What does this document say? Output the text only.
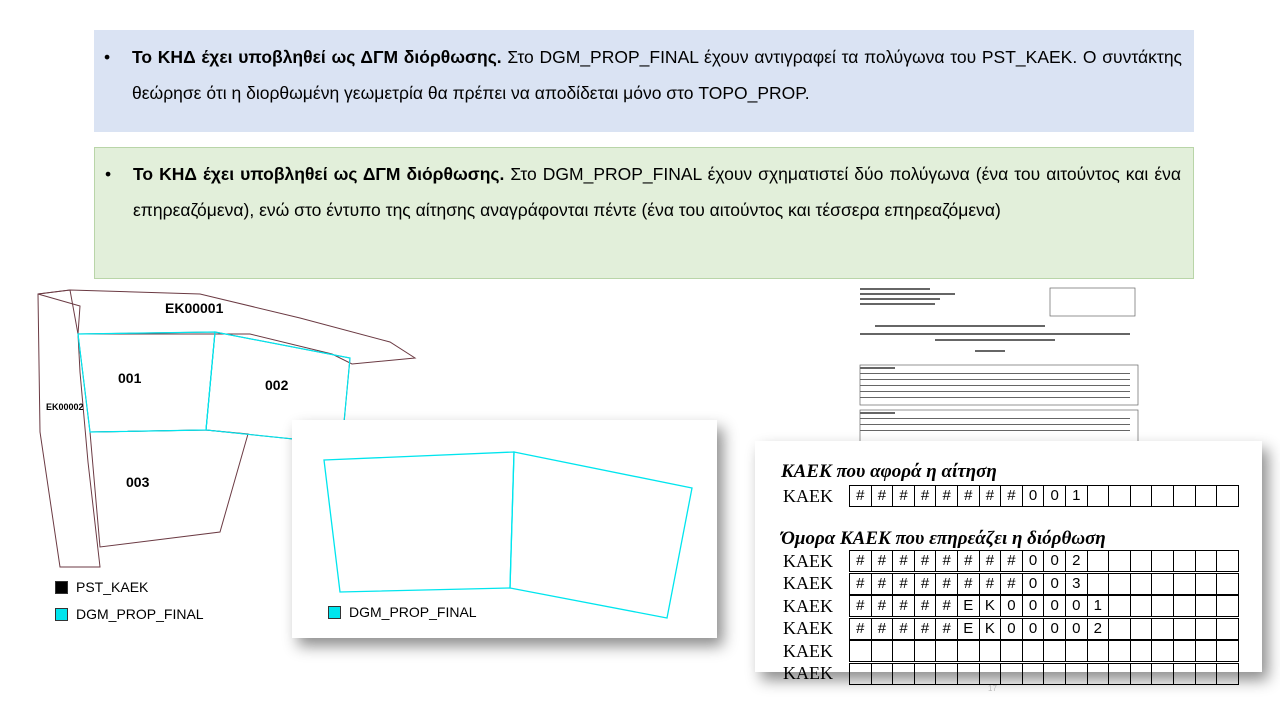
• Το ΚΗΔ έχει υποβληθεί ως ΔΓΜ διόρθωσης. Στο DGM_PROP_FINAL έχουν αντιγραφεί τα πολύγωνα του PST_KAEK. Ο συντάκτης θεώρησε ότι η διορθωμένη γεωμετρία θα πρέπει να αποδίδεται μόνο στο TOPO_PROP.
• Το ΚΗΔ έχει υποβληθεί ως ΔΓΜ διόρθωσης. Στο DGM_PROP_FINAL έχουν σχηματιστεί δύο πολύγωνα (ένα του αιτούντος και ένα επηρεαζόμενα), ενώ στο έντυπο της αίτησης αναγράφονται πέντε (ένα του αιτούντος και τέσσερα επηρεαζόμενα)
EK00001
EK00002
001	002
003
PST_KAEK
DGM_PROP_FINAL	DGM_PROP_FINAL
ΚΑΕΚ που αφορά η αίτηση
ΚΑΕΚ	# # # # # # # # 0 0 1
Όμορα ΚΑΕΚ που επηρεάζει η διόρθωση
ΚΑΕΚ	# # # # # # # # 0 0 2
ΚΑΕΚ	# # # # # # # # 0 0 3
ΚΑΕΚ	# # # # # Ε Κ 0 0 0 0 1
ΚΑΕΚ	# # # # # Ε Κ 0 0 0 0 2
ΚΑΕΚ
ΚΑΕΚ
17
